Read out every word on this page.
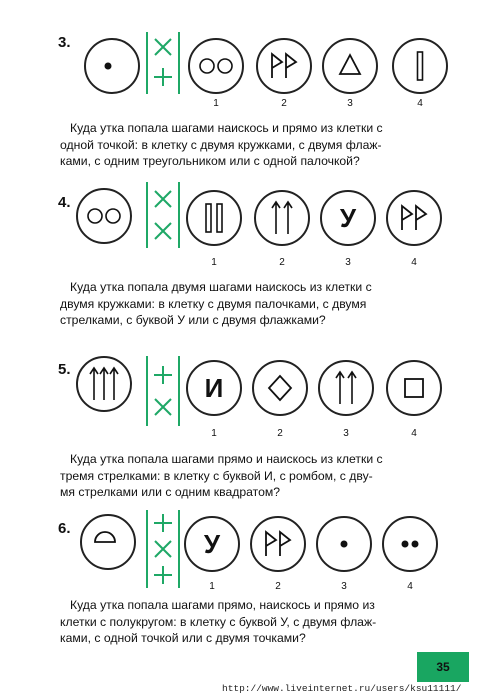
3.
1	2	3	4
Куда утка попала шагами наискось и прямо из клетки с
одной точкой: в клетку с двумя кружками, с двумя флаж-
ками, с одним треугольником или с одной палочкой?
4.	У
1	2	3	4
Куда утка попала двумя шагами наискось из клетки с
двумя кружками: в клетку с двумя палочками, с двумя
стрелками, с буквой У или с двумя флажками?
5.
И
1	2	3	4
Куда утка попала шагами прямо и наискось из клетки с
тремя стрелками: в клетку с буквой И, с ромбом, с дву-
мя стрелками или с одним квадратом?
6.	У
1	2	3	4
Куда утка попала шагами прямо, наискось и прямо из
клетки с полукругом: в клетку с буквой У, с двумя флаж-
ками, с одной точкой или с двумя точками?
35
http://www.liveinternet.ru/users/ksu11111/
